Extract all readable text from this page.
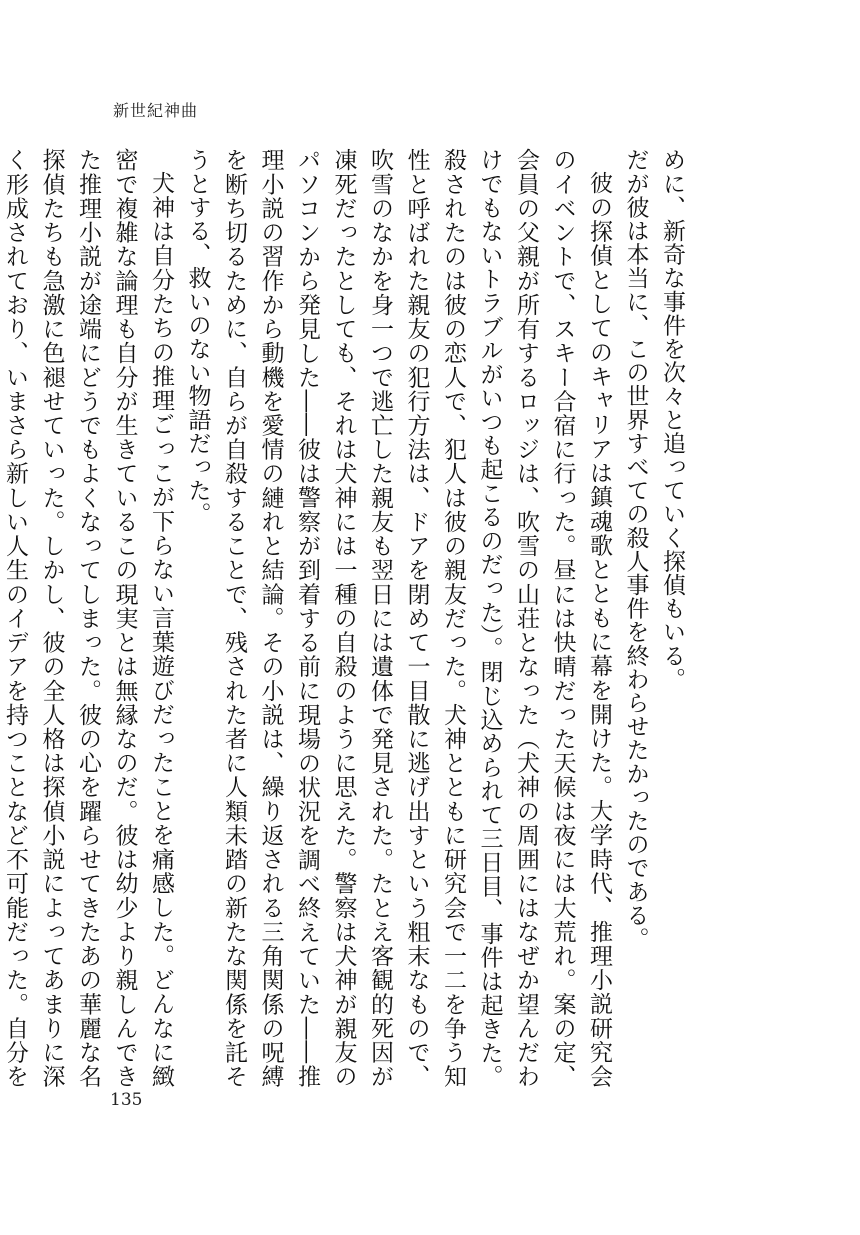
新世紀神曲

めに、新奇な事件を次々と追っていく探偵もいる。

だが彼は本当に、この世界すべての殺人事件を終わらせたかったのである。

彼の探偵としてのキャリアは鎮魂歌とともに幕を開けた。大学時代、推理小説研究会のイベントで、スキー合宿に行った。昼には快晴だった天候は夜には大荒れ。案の定、会員の父親が所有するロッジは、吹雪の山荘となった（犬神の周囲にはなぜか望んだわけでもないトラブルがいつも起こるのだった）。閉じ込められて三日目、事件は起きた。殺されたのは彼の恋人で、犯人は彼の親友だった。犬神とともに研究会で一二を争う知性と呼ばれた親友の犯行方法は、ドアを閉めて一目散に逃げ出すという粗末なもので、吹雪のなかを身一つで逃亡した親友も翌日には遺体で発見された。たとえ客観的死因が凍死だったとしても、それは犬神には一種の自殺のように思えた。警察は犬神が親友のパソコンから発見した――彼は警察が到着する前に現場の状況を調べ終えていた――推理小説の習作から動機を愛情の縺れと結論。その小説は、繰り返される三角関係の呪縛を断ち切るために、自らが自殺することで、残された者に人類未踏の新たな関係を託そうとする、救いのない物語だった。

犬神は自分たちの推理ごっこが下らない言葉遊びだったことを痛感した。どんなに緻密で複雑な論理も自分が生きているこの現実とは無縁なのだ。彼は幼少より親しんできた推理小説が途端にどうでもよくなってしまった。彼の心を躍らせてきたあの華麗な名探偵たちも急激に色褪せていった。しかし、彼の全人格は探偵小説によってあまりに深く形成されており、いまさら新しい人生のイデアを持つことなど不可能だった。自分を

135
